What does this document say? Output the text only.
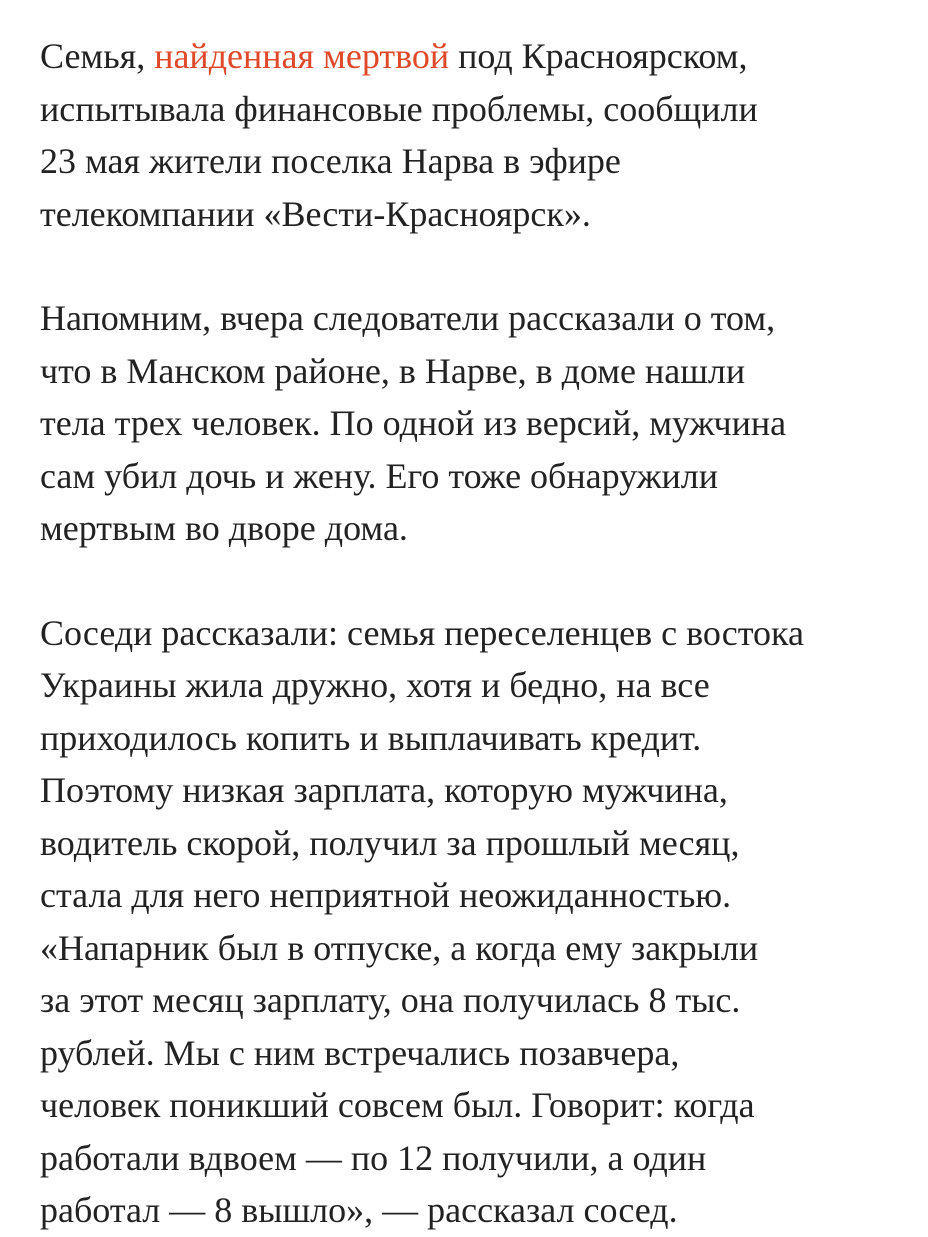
Семья, найденная мертвой под Красноярском,
испытывала финансовые проблемы, сообщили
23 мая жители поселка Нарва в эфире
телекомпании «Вести-Красноярск».

Напомним, вчера следователи рассказали о том,
что в Манском районе, в Нарве, в доме нашли
тела трех человек. По одной из версий, мужчина
сам убил дочь и жену. Его тоже обнаружили
мертвым во дворе дома.

Соседи рассказали: семья переселенцев с востока
Украины жила дружно, хотя и бедно, на все
приходилось копить и выплачивать кредит.
Поэтому низкая зарплата, которую мужчина,
водитель скорой, получил за прошлый месяц,
стала для него неприятной неожиданностью.
«Напарник был в отпуске, а когда ему закрыли
за этот месяц зарплату, она получилась 8 тыс.
рублей. Мы с ним встречались позавчера,
человек поникший совсем был. Говорит: когда
работали вдвоем — по 12 получили, а один
работал — 8 вышло», — рассказал сосед.
